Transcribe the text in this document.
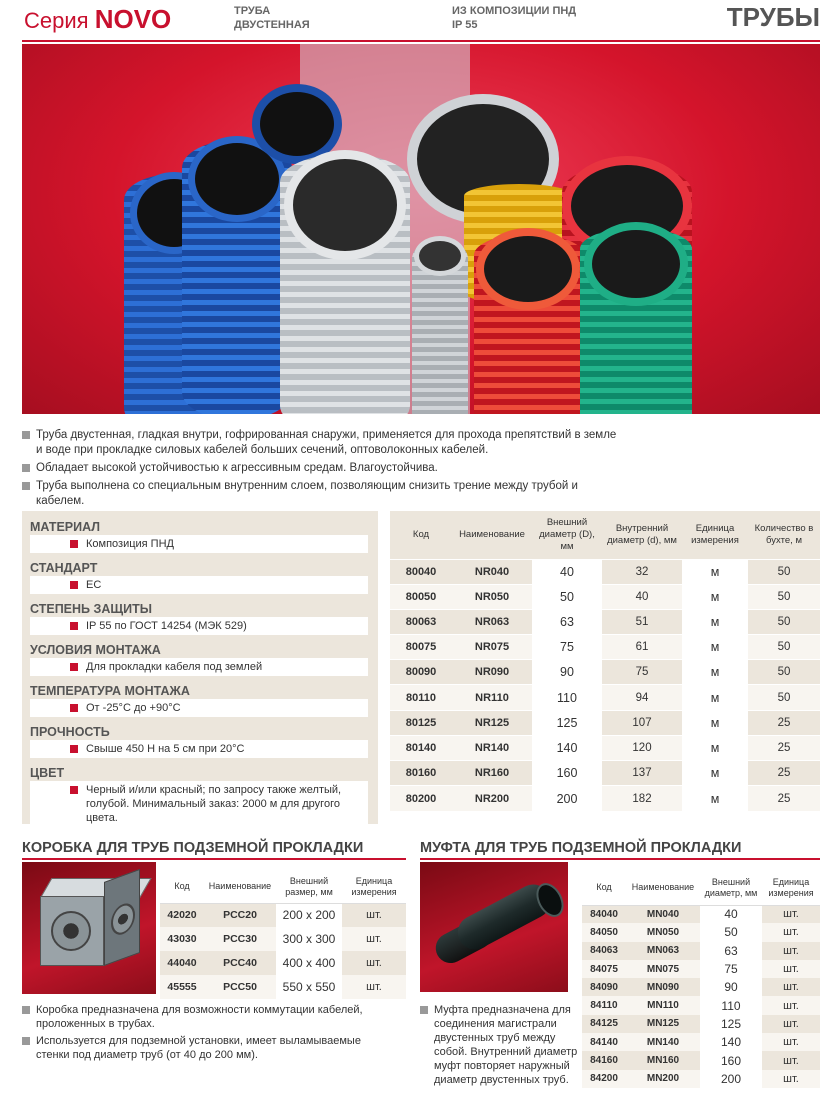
Серия NOVO	ТРУБА
ДВУСТЕННАЯ
ИЗ КОМПОЗИЦИИ ПНД
IP 55	ТРУБЫ
Труба двустенная, гладкая внутри, гофрированная снаружи, применяется для прохода препятствий в земле и воде при прокладке силовых кабелей больших сечений, оптоволоконных кабелей.
Обладает высокой устойчивостью к агрессивным средам. Влагоустойчива.
Труба выполнена со специальным внутренним слоем, позволяющим снизить трение между трубой и кабелем.
МАТЕРИАЛ
Композиция ПНД
СТАНДАРТ
ЕС
СТЕПЕНЬ ЗАЩИТЫ
IP 55 по ГОСТ 14254 (МЭК 529)
УСЛОВИЯ МОНТАЖА
Для прокладки кабеля под землей
ТЕМПЕРАТУРА МОНТАЖА
От -25°С до +90°С
ПРОЧНОСТЬ
Свыше 450 Н на 5 см при 20°С
ЦВЕТ
Черный и/или красный; по запросу также желтый, голубой. Минимальный заказ: 2000 м для другого цвета.
Код	Наименование	Внешний диаметр (D), мм	Внутренний диаметр (d), мм	Единица измерения	Количество в бухте, м
80040	NR040	40	32	м	50
80050	NR050	50	40	м	50
80063	NR063	63	51	м	50
80075	NR075	75	61	м	50
80090	NR090	90	75	м	50
80110	NR110	110	94	м	50
80125	NR125	125	107	м	25
80140	NR140	140	120	м	25
80160	NR160	160	137	м	25
80200	NR200	200	182	м	25
КОРОБКА ДЛЯ ТРУБ ПОДЗЕМНОЙ ПРОКЛАДКИ
Код	Наименование	Внешний размер, мм	Единица измерения
42020	PCC20	200 х 200	шт.
43030	PCC30	300 х 300	шт.
44040	PCC40	400 х 400	шт.
45555	PCC50	550 х 550	шт.
Коробка предназначена для возможности коммутации кабелей, проложенных в трубах.
Используется для подземной установки, имеет выламываемые стенки под диаметр труб (от 40 до 200 мм).
МУФТА ДЛЯ ТРУБ ПОДЗЕМНОЙ ПРОКЛАДКИ
Код	Наименование	Внешний диаметр, мм	Единица измерения
84040	MN040	40	шт.
84050	MN050	50	шт.
84063	MN063	63	шт.
84075	MN075	75	шт.
84090	MN090	90	шт.
84110	MN110	110	шт.
84125	MN125	125	шт.
84140	MN140	140	шт.
84160	MN160	160	шт.
84200	MN200	200	шт.
Муфта предназначена для соединения магистрали двустенных труб между собой. Внутренний диаметр муфт повторяет наружный диаметр двустенных труб.
